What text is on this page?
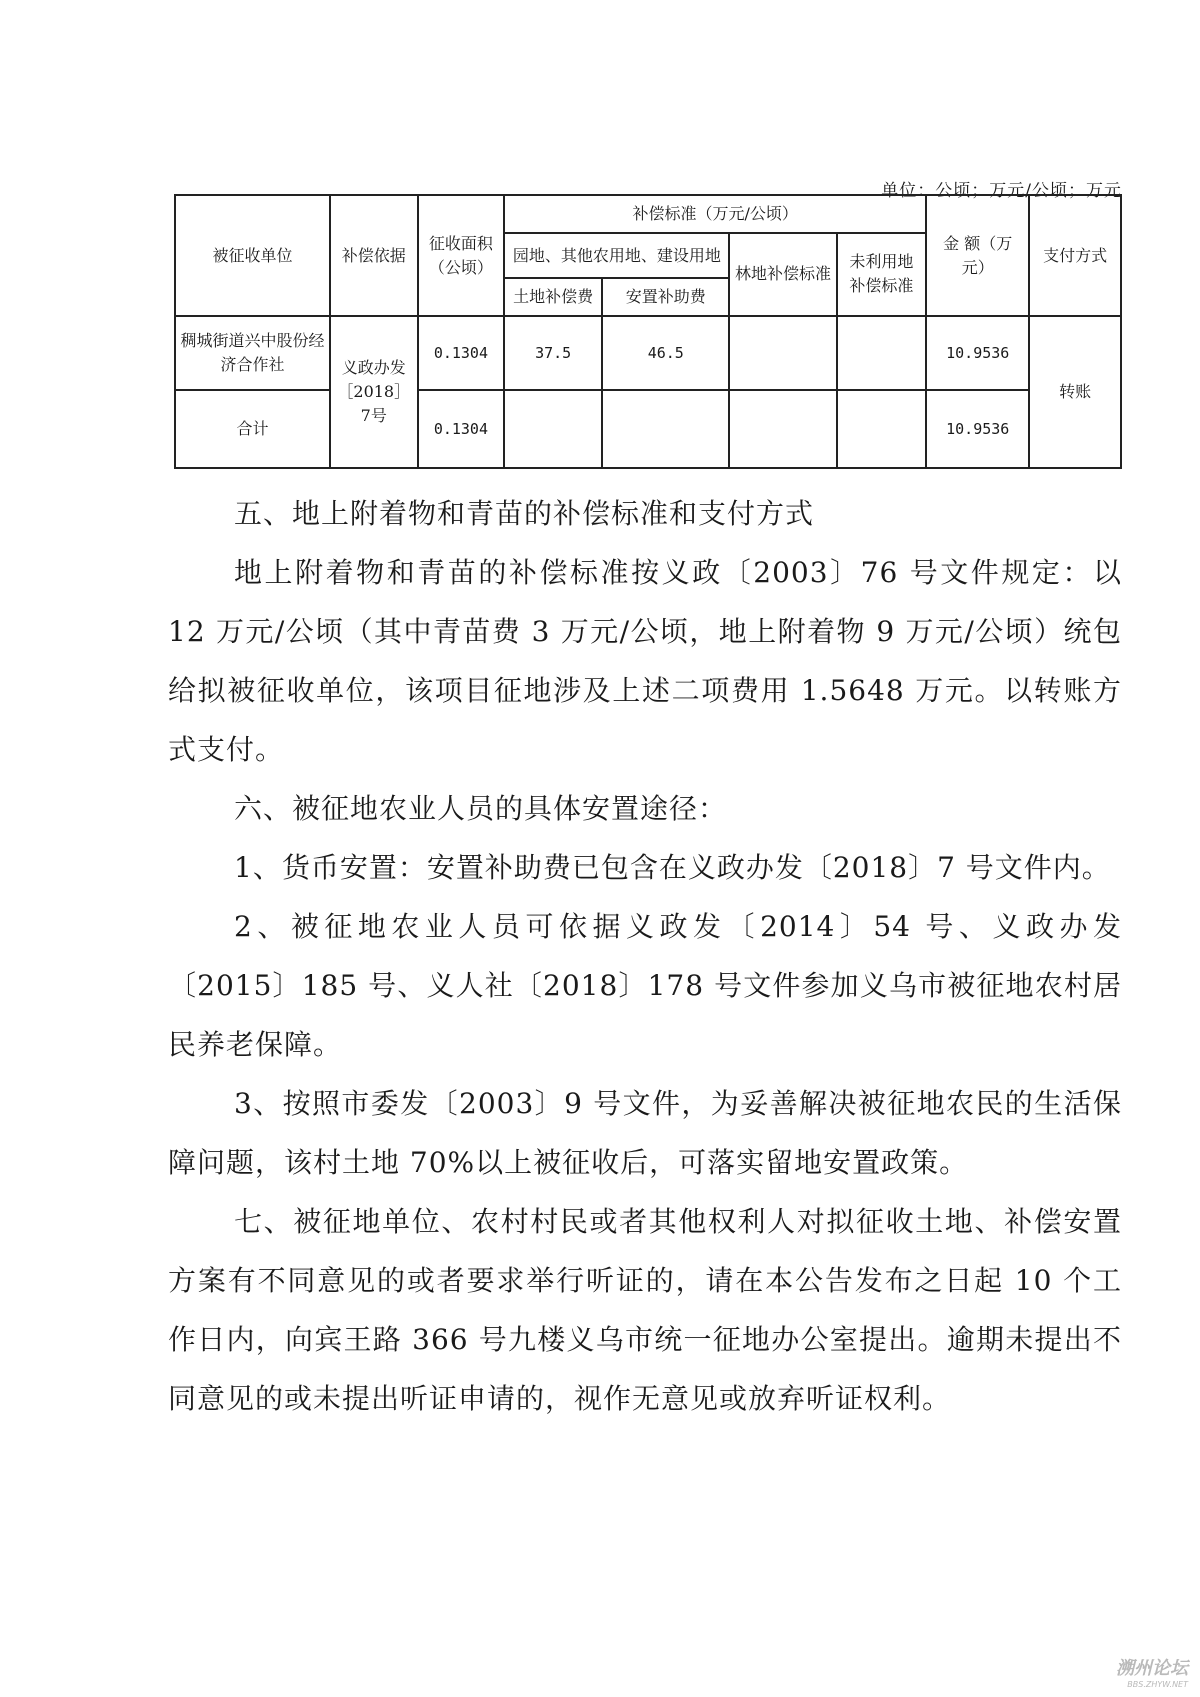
单位：公顷；万元/公顷；万元
被征收单位	补偿依据	征收面积（公顷）	补偿标准（万元/公顷）				金 额（万元）	支付方式
			园地、其他农用地、建设用地		林地补偿标准	未利用地补偿标准		
			土地补偿费	安置补助费				
稠城街道兴中股份经济合作社	义政办发［2018］7号	0.1304	37.5	46.5			10.9536	转账
合计		0.1304					10.9536	

五、地上附着物和青苗的补偿标准和支付方式

地上附着物和青苗的补偿标准按义政〔2003〕76 号文件规定：以 12 万元/公顷（其中青苗费 3 万元/公顷，地上附着物 9 万元/公顷）统包给拟被征收单位，该项目征地涉及上述二项费用 1.5648 万元。以转账方式支付。

六、被征地农业人员的具体安置途径：

1、货币安置：安置补助费已包含在义政办发〔2018〕7 号文件内。

2、被征地农业人员可依据义政发〔2014〕54 号、义政办发〔2015〕185 号、义人社〔2018〕178 号文件参加义乌市被征地农村居民养老保障。

3、按照市委发〔2003〕9 号文件，为妥善解决被征地农民的生活保障问题，该村土地 70%以上被征收后，可落实留地安置政策。

七、被征地单位、农村村民或者其他权利人对拟征收土地、补偿安置方案有不同意见的或者要求举行听证的，请在本公告发布之日起 10 个工作日内，向宾王路 366 号九楼义乌市统一征地办公室提出。逾期未提出不同意见的或未提出听证申请的，视作无意见或放弃听证权利。

溯州论坛
BBS.ZHYW.NET
